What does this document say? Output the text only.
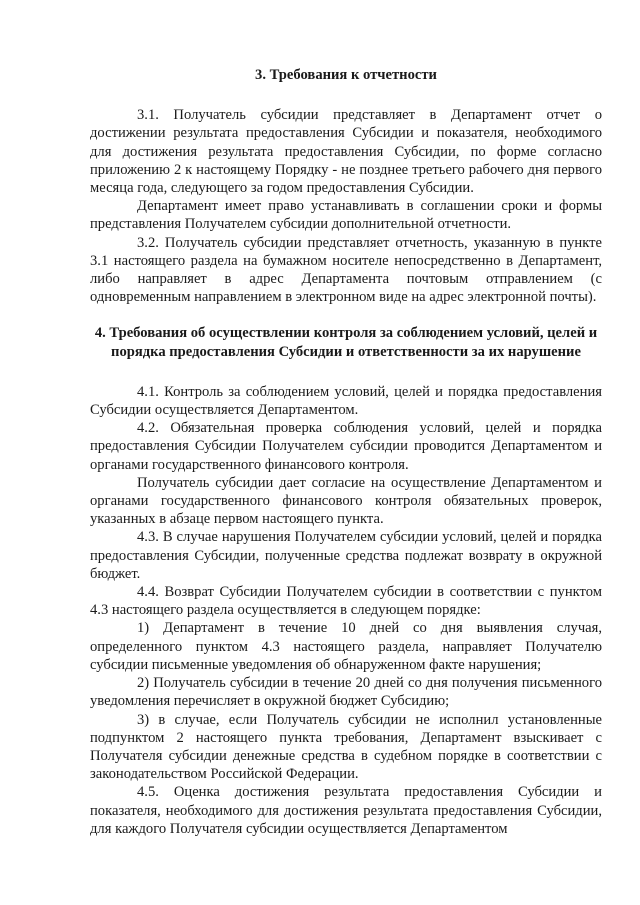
3. Требования к отчетности

3.1. Получатель субсидии представляет в Департамент отчет о достижении результата предоставления Субсидии и показателя, необходимого для достижения результата предоставления Субсидии, по форме согласно приложению 2 к настоящему Порядку - не позднее третьего рабочего дня первого месяца года, следующего за годом предоставления Субсидии.

Департамент имеет право устанавливать в соглашении сроки и формы представления Получателем субсидии дополнительной отчетности.

3.2. Получатель субсидии представляет отчетность, указанную в пункте 3.1 настоящего раздела на бумажном носителе непосредственно в Департамент, либо направляет в адрес Департамента почтовым отправлением (с одновременным направлением в электронном виде на адрес электронной почты).

4. Требования об осуществлении контроля за соблюдением условий, целей и порядка предоставления Субсидии и ответственности за их нарушение

4.1. Контроль за соблюдением условий, целей и порядка предоставления Субсидии осуществляется Департаментом.

4.2. Обязательная проверка соблюдения условий, целей и порядка предоставления Субсидии Получателем субсидии проводится Департаментом и органами государственного финансового контроля.

Получатель субсидии дает согласие на осуществление Департаментом и органами государственного финансового контроля обязательных проверок, указанных в абзаце первом настоящего пункта.

4.3. В случае нарушения Получателем субсидии условий, целей и порядка предоставления Субсидии, полученные средства подлежат возврату в окружной бюджет.

4.4. Возврат Субсидии Получателем субсидии в соответствии с пунктом 4.3 настоящего раздела осуществляется в следующем порядке:

1) Департамент в течение 10 дней со дня выявления случая, определенного пунктом 4.3 настоящего раздела, направляет Получателю субсидии письменные уведомления об обнаруженном факте нарушения;

2) Получатель субсидии в течение 20 дней со дня получения письменного уведомления перечисляет в окружной бюджет Субсидию;

3) в случае, если Получатель субсидии не исполнил установленные подпунктом 2 настоящего пункта требования, Департамент взыскивает с Получателя субсидии денежные средства в судебном порядке в соответствии с законодательством Российской Федерации.

4.5. Оценка достижения результата предоставления Субсидии и показателя, необходимого для достижения результата предоставления Субсидии, для каждого Получателя субсидии осуществляется Департаментом
